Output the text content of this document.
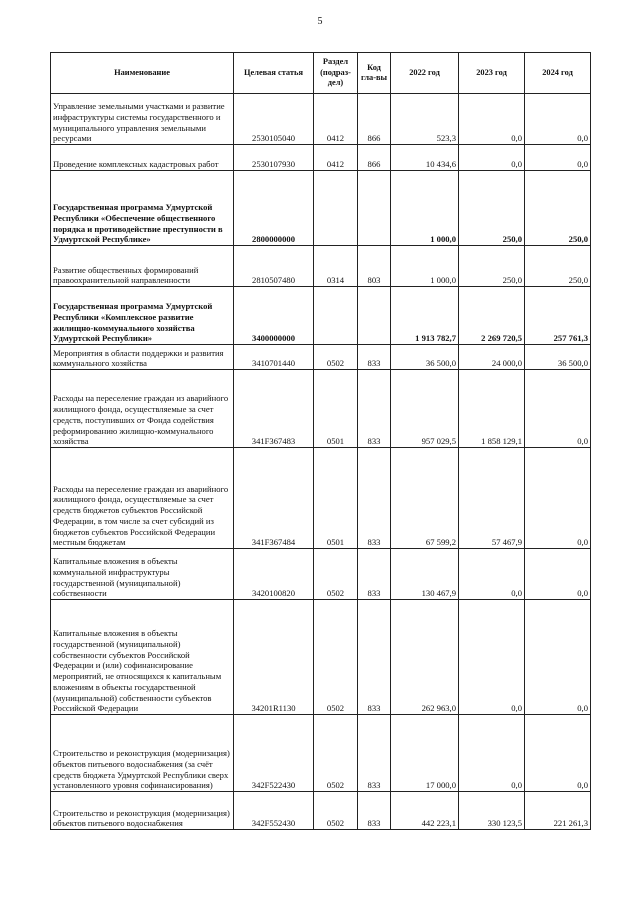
5
Наименование	Целевая статья	Раздел (подраз-дел)	Код гла-вы	2022 год	2023 год	2024 год
Управление земельными участками и развитие инфраструктуры системы государственного и муниципального управления земельными ресурсами	2530105040	0412	866	523,3	0,0	0,0
Проведение комплексных кадастровых работ	2530107930	0412	866	10 434,6	0,0	0,0
Государственная программа Удмуртской Республики «Обеспечение общественного порядка и противодействие преступности в Удмуртской Республике»	2800000000			1 000,0	250,0	250,0
Развитие общественных формирований правоохранительной направленности	2810507480	0314	803	1 000,0	250,0	250,0
Государственная программа Удмуртской Республики «Комплексное развитие жилищно-коммунального хозяйства Удмуртской Республики»	3400000000			1 913 782,7	2 269 720,5	257 761,3
Мероприятия в области поддержки и развития коммунального хозяйства	3410701440	0502	833	36 500,0	24 000,0	36 500,0
Расходы на переселение граждан из аварийного жилищного фонда, осуществляемые за счет средств, поступивших от Фонда содействия реформированию жилищно-коммунального хозяйства	341F367483	0501	833	957 029,5	1 858 129,1	0,0
Расходы на переселение граждан из аварийного жилищного фонда, осуществляемые за счет средств бюджетов субъектов Российской Федерации, в том числе за счет субсидий из бюджетов субъектов Российской Федерации местным бюджетам	341F367484	0501	833	67 599,2	57 467,9	0,0
Капитальные вложения в объекты коммунальной инфраструктуры государственной (муниципальной) собственности	3420100820	0502	833	130 467,9	0,0	0,0
Капитальные вложения в объекты государственной (муниципальной) собственности субъектов Российской Федерации и (или) софинансирование мероприятий, не относящихся к капитальным вложениям в объекты государственной (муниципальной) собственности субъектов Российской Федерации	34201R1130	0502	833	262 963,0	0,0	0,0
Строительство и реконструкция (модернизация) объектов питьевого водоснабжения (за счёт средств бюджета Удмуртской Республики сверх установленного уровня софинансирования)	342F522430	0502	833	17 000,0	0,0	0,0
Строительство и реконструкция (модернизация) объектов питьевого водоснабжения	342F552430	0502	833	442 223,1	330 123,5	221 261,3
